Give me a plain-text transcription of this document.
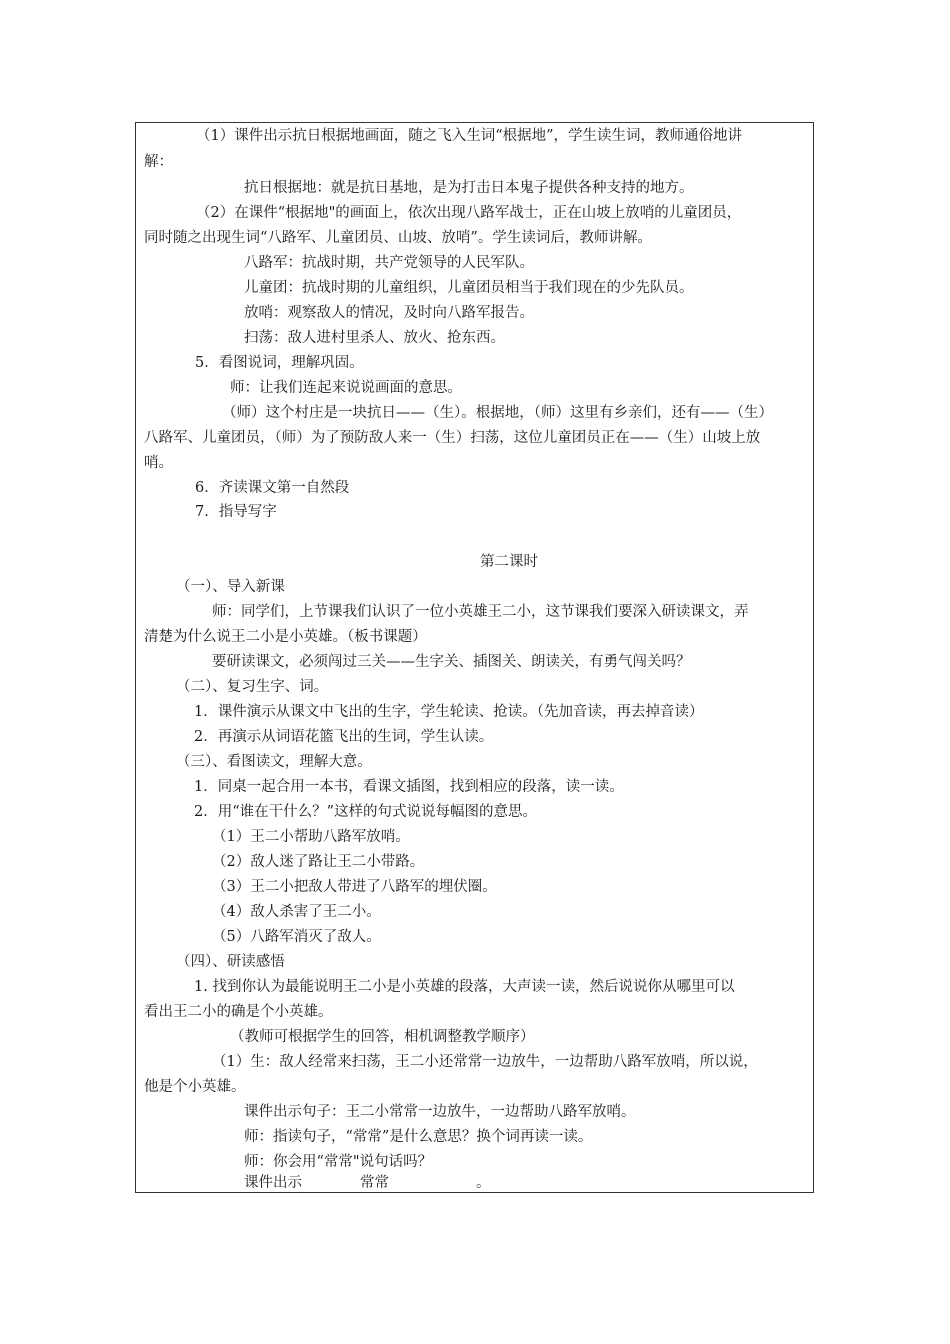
（1）课件出示抗日根据地画面，随之飞入生词“根据地”，学生读生词，教师通俗地讲
解：
抗日根据地：就是抗日基地，是为打击日本鬼子提供各种支持的地方。
（2）在课件“根据地"的画面上，依次出现八路军战士，正在山坡上放哨的儿童团员，
同时随之出现生词“八路军、儿童团员、山坡、放哨”。学生读词后，教师讲解。
八路军：抗战时期，共产党领导的人民军队。
儿童团：抗战时期的儿童组织，儿童团员相当于我们现在的少先队员。
放哨：观察敌人的情况，及时向八路军报告。
扫荡：敌人进村里杀人、放火、抢东西。
5．看图说词，理解巩固。
师：让我们连起来说说画面的意思。
（师）这个村庄是一块抗日——（生）。根据地，（师）这里有乡亲们，还有——（生）
八路军、儿童团员，（师）为了预防敌人来一（生）扫荡，这位儿童团员正在——（生）山坡上放
哨。
6．齐读课文第一自然段
7．指导写字
第二课时
（一）、导入新课
师：同学们，上节课我们认识了一位小英雄王二小，这节课我们要深入研读课文，弄
清楚为什么说王二小是小英雄。（板书课题）
要研读课文，必须闯过三关——生字关、插图关、朗读关，有勇气闯关吗？
（二）、复习生字、词。
1．课件演示从课文中飞出的生字，学生轮读、抢读。（先加音读，再去掉音读）
2．再演示从词语花篮飞出的生词，学生认读。
（三）、看图读文，理解大意。
1．同桌一起合用一本书，看课文插图，找到相应的段落，读一读。
2．用“谁在干什么？”这样的句式说说每幅图的意思。
（1）王二小帮助八路军放哨。
（2）敌人迷了路让王二小带路。
（3）王二小把敌人带进了八路军的埋伏圈。
（4）敌人杀害了王二小。
（5）八路军消灭了敌人。
（四）、研读感悟
1. 找到你认为最能说明王二小是小英雄的段落，大声读一读，然后说说你从哪里可以
看出王二小的确是个小英雄。
（教师可根据学生的回答，相机调整教学顺序）
（1）生：敌人经常来扫荡，王二小还常常一边放牛，一边帮助八路军放哨，所以说，
他是个小英雄。
课件出示句子：王二小常常一边放牛，一边帮助八路军放哨。
师：指读句子，“常常”是什么意思？换个词再读一读。
师：你会用“常常"说句话吗？
课件出示　　　　常常　　　　　　。
